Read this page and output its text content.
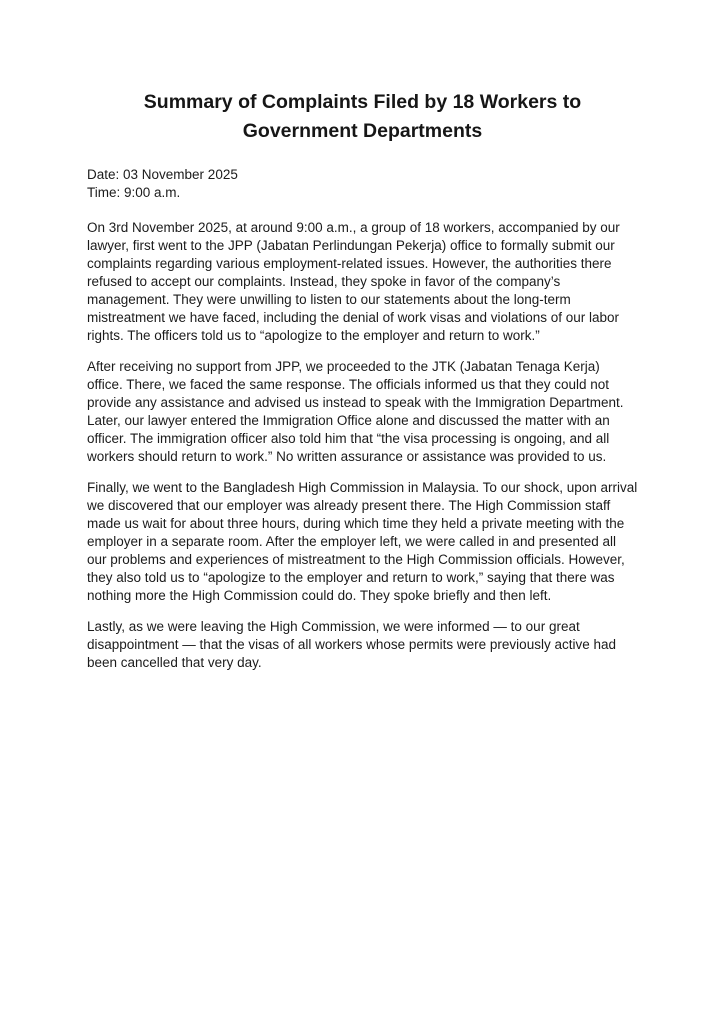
Summary of Complaints Filed by 18 Workers to Government Departments
Date: 03 November 2025
Time: 9:00 a.m.

On 3rd November 2025, at around 9:00 a.m., a group of 18 workers, accompanied by our lawyer, first went to the JPP (Jabatan Perlindungan Pekerja) office to formally submit our complaints regarding various employment-related issues. However, the authorities there refused to accept our complaints. Instead, they spoke in favor of the company’s management. They were unwilling to listen to our statements about the long-term mistreatment we have faced, including the denial of work visas and violations of our labor rights. The officers told us to “apologize to the employer and return to work.”

After receiving no support from JPP, we proceeded to the JTK (Jabatan Tenaga Kerja) office. There, we faced the same response. The officials informed us that they could not provide any assistance and advised us instead to speak with the Immigration Department. Later, our lawyer entered the Immigration Office alone and discussed the matter with an officer. The immigration officer also told him that “the visa processing is ongoing, and all workers should return to work.” No written assurance or assistance was provided to us.

Finally, we went to the Bangladesh High Commission in Malaysia. To our shock, upon arrival we discovered that our employer was already present there. The High Commission staff made us wait for about three hours, during which time they held a private meeting with the employer in a separate room. After the employer left, we were called in and presented all our problems and experiences of mistreatment to the High Commission officials. However, they also told us to “apologize to the employer and return to work,” saying that there was nothing more the High Commission could do. They spoke briefly and then left.

Lastly, as we were leaving the High Commission, we were informed — to our great disappointment — that the visas of all workers whose permits were previously active had been cancelled that very day.
